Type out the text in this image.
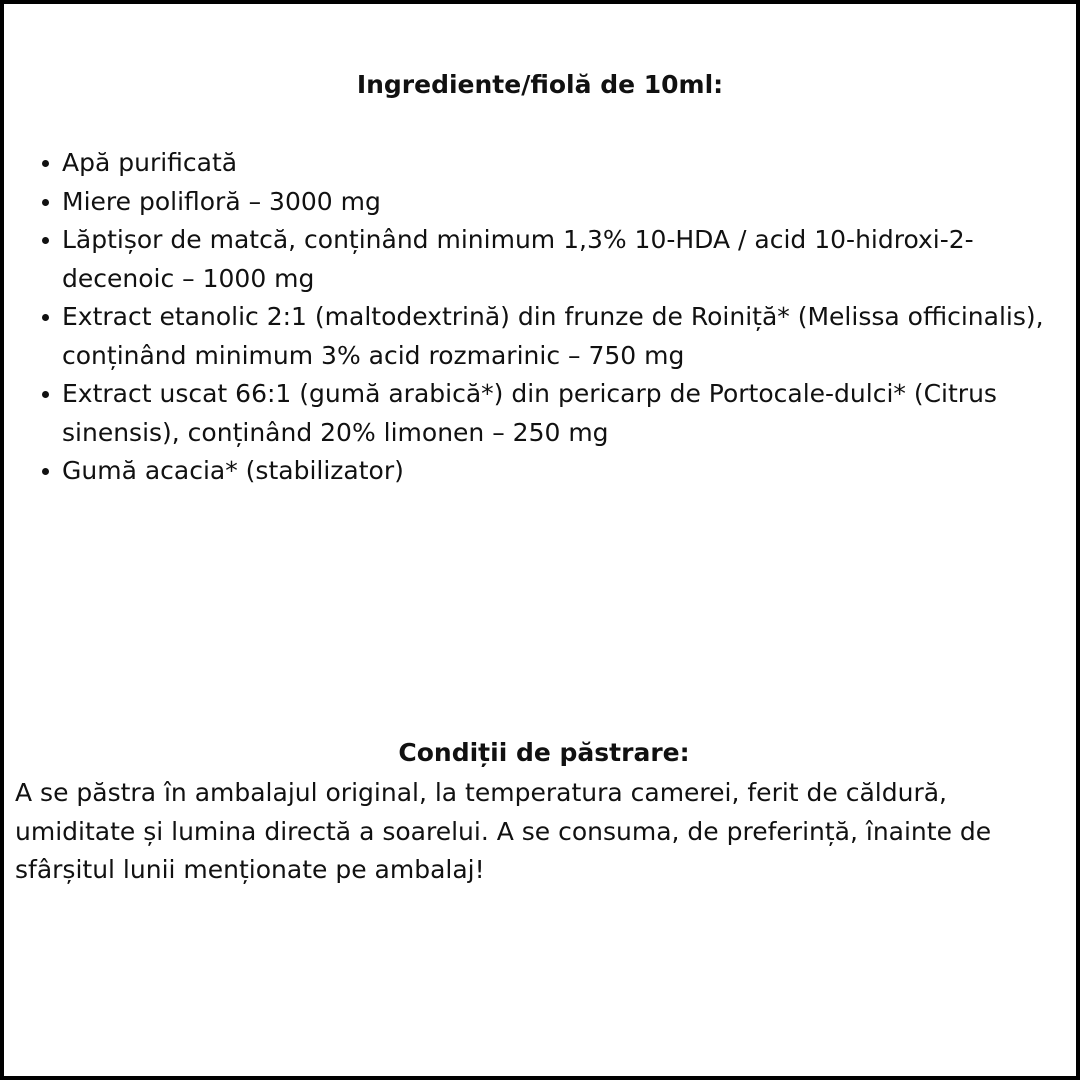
Ingrediente/fiolă de 10ml:
Apă purificată
Miere polifloră – 3000 mg
Lăptișor de matcă, conținând minimum 1,3% 10-HDA / acid 10-hidroxi-2-decenoic – 1000 mg
Extract etanolic 2:1 (maltodextrină) din frunze de Roiniță* (Melissa officinalis), conținând minimum 3% acid rozmarinic – 750 mg
Extract uscat 66:1 (gumă arabică*) din pericarp de Portocale-dulci* (Citrus sinensis), conținând 20% limonen – 250 mg
Gumă acacia* (stabilizator)
Condiții de păstrare:

A se păstra în ambalajul original, la temperatura camerei, ferit de căldură, umiditate și lumina directă a soarelui. A se consuma, de preferință, înainte de sfârșitul lunii menționate pe ambalaj!
